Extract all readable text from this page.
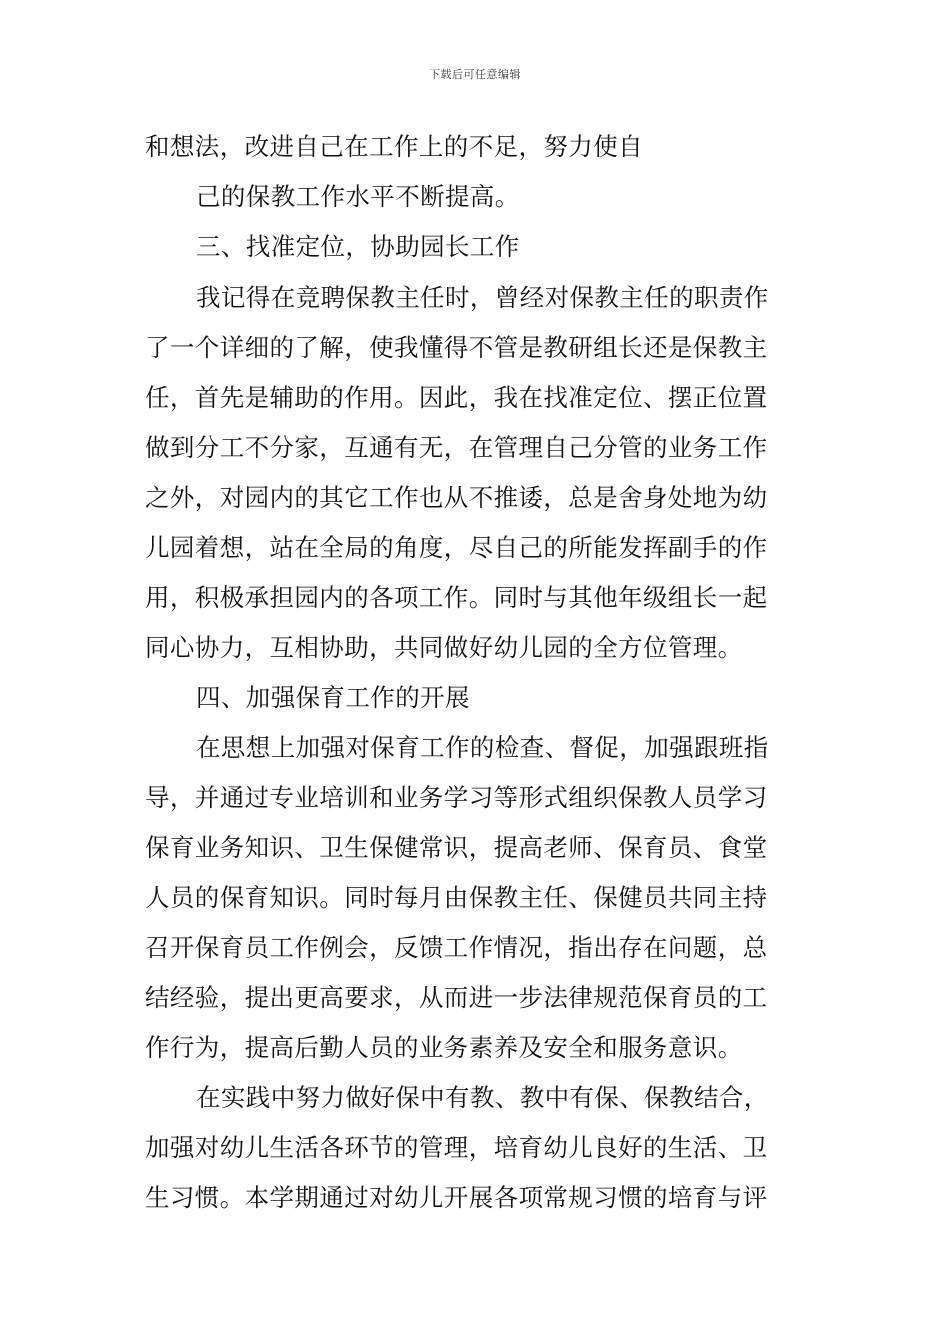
下载后可任意编辑
和想法，改进自己在工作上的不足，努力使自
己的保教工作水平不断提高。
三、找准定位，协助园长工作
我记得在竞聘保教主任时，曾经对保教主任的职责作
了一个详细的了解，使我懂得不管是教研组长还是保教主
任，首先是辅助的作用。因此，我在找准定位、摆正位置
做到分工不分家，互通有无，在管理自己分管的业务工作
之外，对园内的其它工作也从不推诿，总是舍身处地为幼
儿园着想，站在全局的角度，尽自己的所能发挥副手的作
用，积极承担园内的各项工作。同时与其他年级组长一起
同心协力，互相协助，共同做好幼儿园的全方位管理。
四、加强保育工作的开展
在思想上加强对保育工作的检查、督促，加强跟班指
导，并通过专业培训和业务学习等形式组织保教人员学习
保育业务知识、卫生保健常识，提高老师、保育员、食堂
人员的保育知识。同时每月由保教主任、保健员共同主持
召开保育员工作例会，反馈工作情况，指出存在问题，总
结经验，提出更高要求，从而进一步法律规范保育员的工
作行为，提高后勤人员的业务素养及安全和服务意识。
在实践中努力做好保中有教、教中有保、保教结合，
加强对幼儿生活各环节的管理，培育幼儿良好的生活、卫
生习惯。本学期通过对幼儿开展各项常规习惯的培育与评
